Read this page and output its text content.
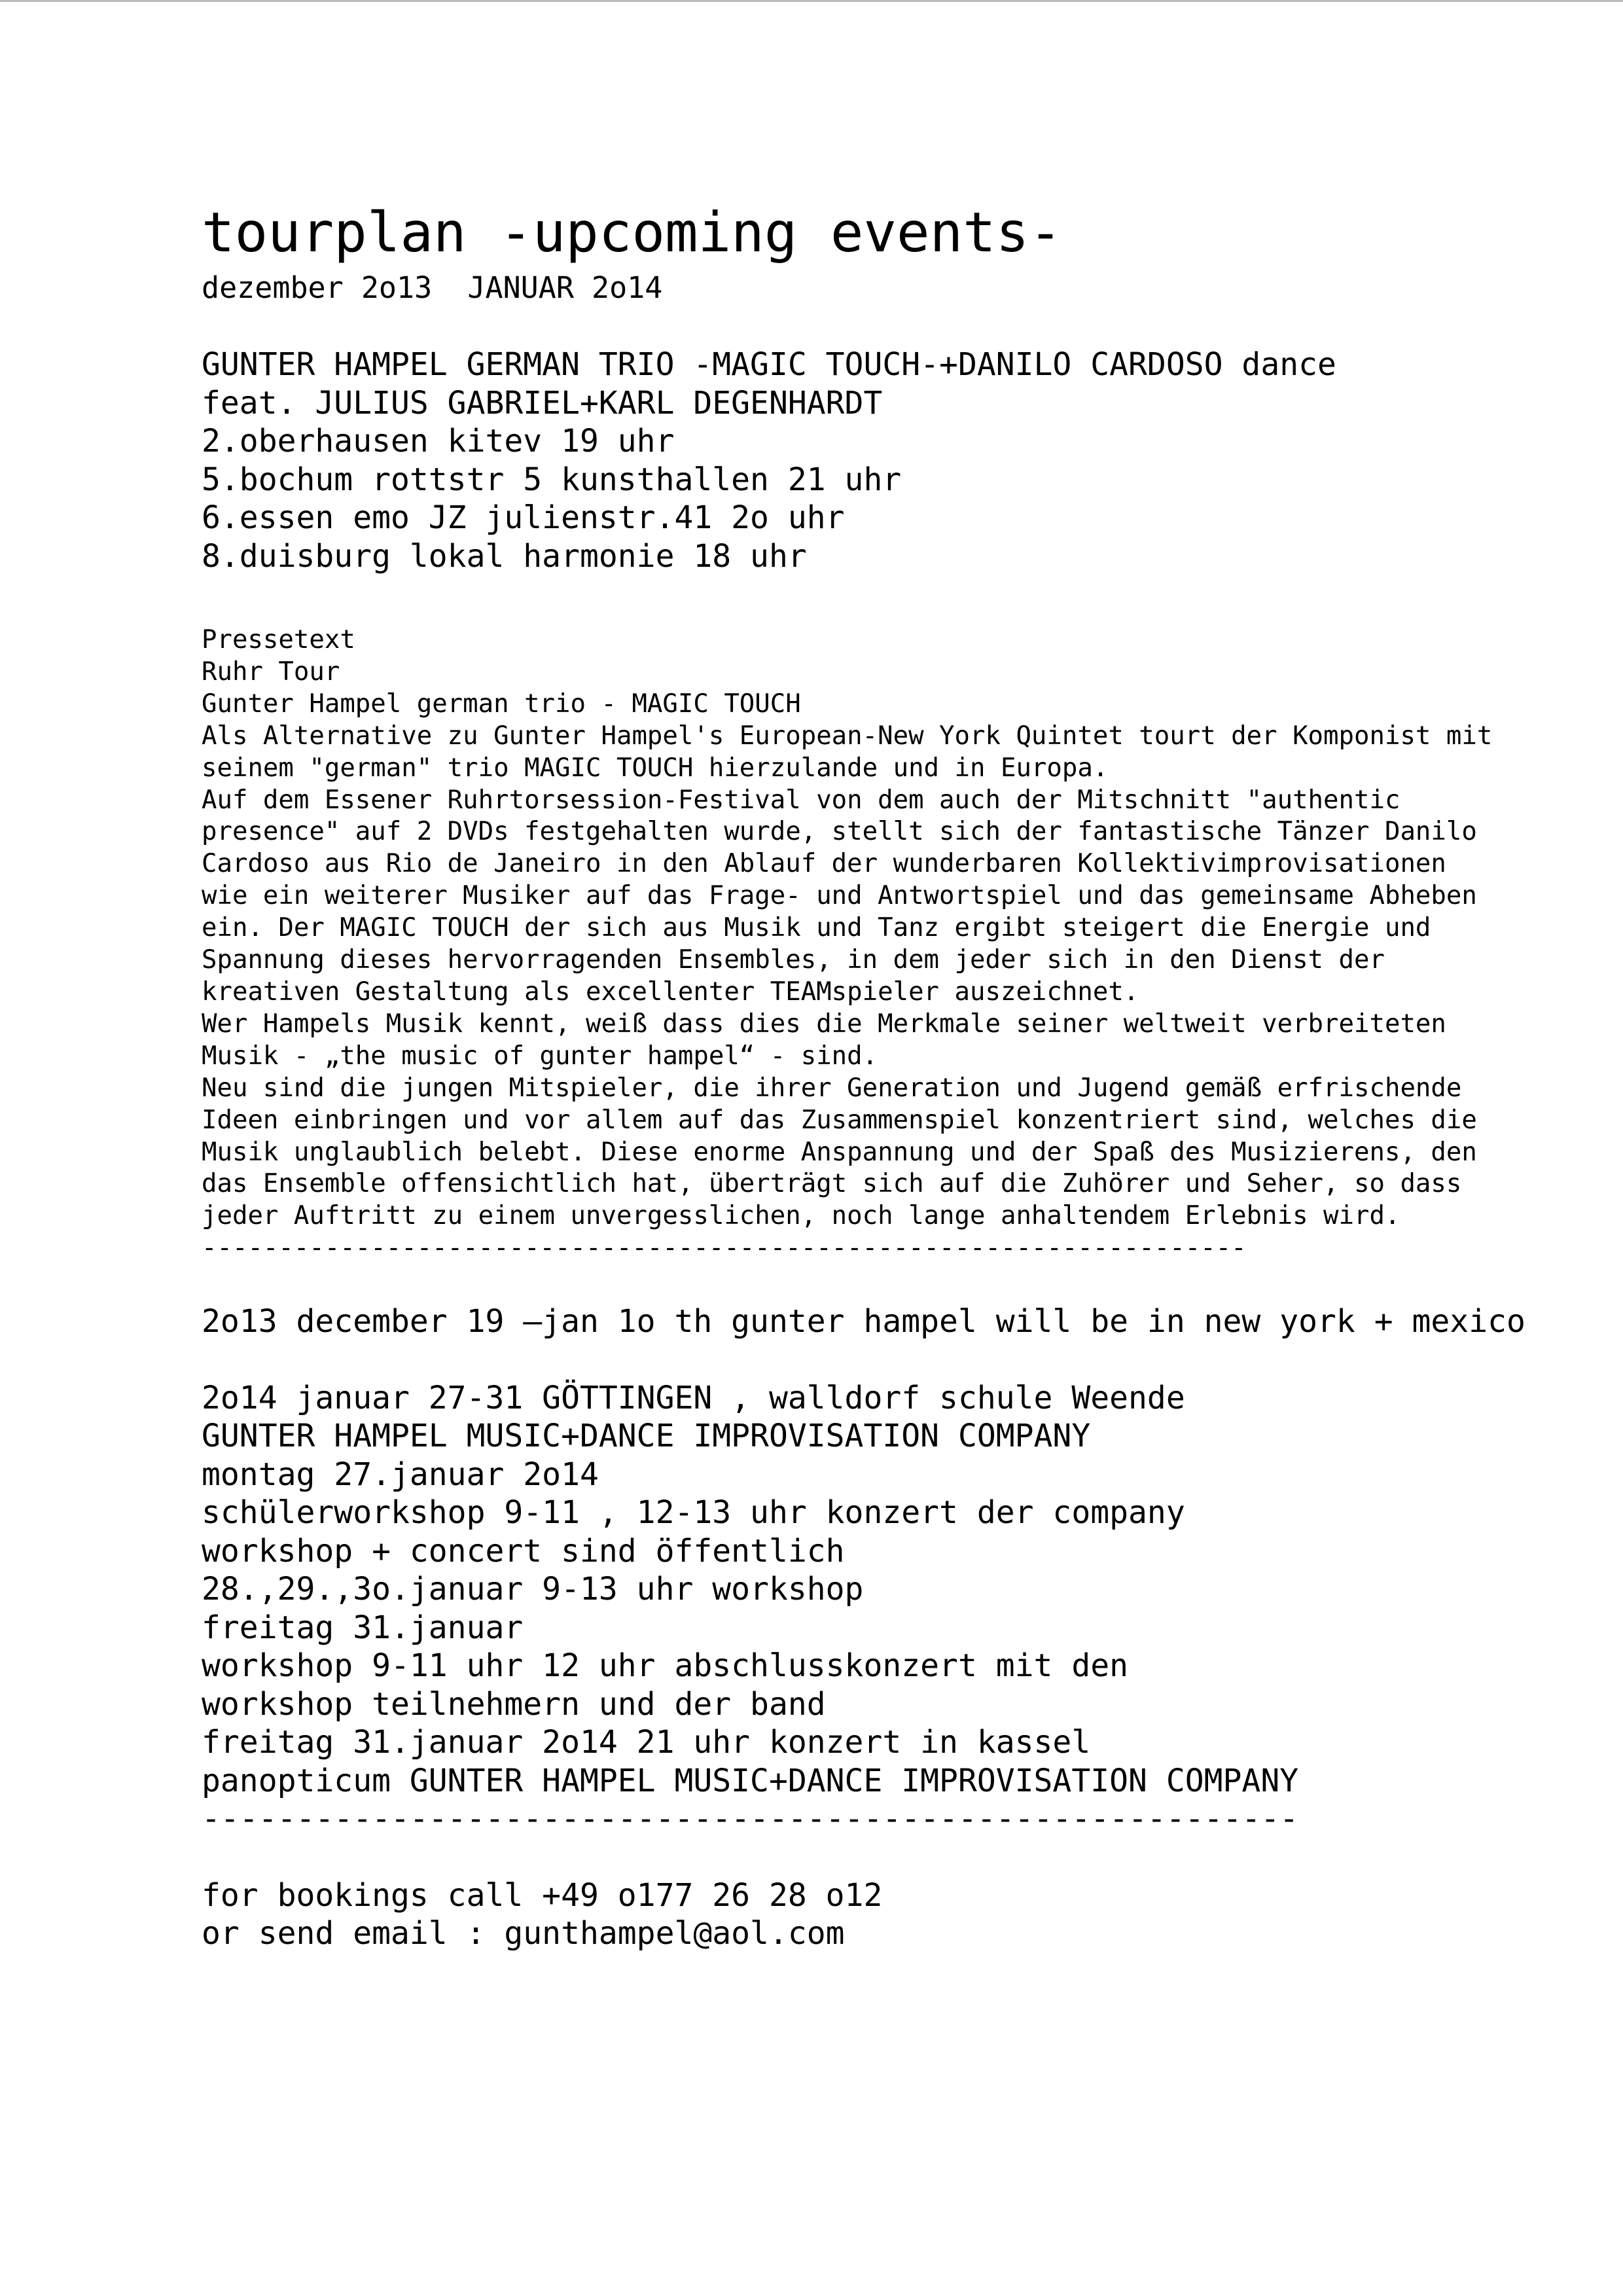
tourplan -upcoming events-
dezember 2o13  JANUAR 2o14
GUNTER HAMPEL GERMAN TRIO -MAGIC TOUCH-+DANILO CARDOSO dance
feat. JULIUS GABRIEL+KARL DEGENHARDT
2.oberhausen kitev 19 uhr
5.bochum rottstr 5 kunsthallen 21 uhr
6.essen emo JZ julienstr.41 2o uhr
8.duisburg lokal harmonie 18 uhr
Pressetext
Ruhr Tour
Gunter Hampel german trio - MAGIC TOUCH
Als Alternative zu Gunter Hampel's European-New York Quintet tourt der Komponist mit
seinem "german" trio MAGIC TOUCH hierzulande und in Europa.
Auf dem Essener Ruhrtorsession-Festival von dem auch der Mitschnitt "authentic
presence" auf 2 DVDs festgehalten wurde, stellt sich der fantastische Tänzer Danilo
Cardoso aus Rio de Janeiro in den Ablauf der wunderbaren Kollektivimprovisationen
wie ein weiterer Musiker auf das Frage- und Antwortspiel und das gemeinsame Abheben
ein. Der MAGIC TOUCH der sich aus Musik und Tanz ergibt steigert die Energie und
Spannung dieses hervorragenden Ensembles, in dem jeder sich in den Dienst der
kreativen Gestaltung als excellenter TEAMspieler auszeichnet.
Wer Hampels Musik kennt, weiß dass dies die Merkmale seiner weltweit verbreiteten
Musik - „the music of gunter hampel“ - sind.
Neu sind die jungen Mitspieler, die ihrer Generation und Jugend gemäß erfrischende
Ideen einbringen und vor allem auf das Zusammenspiel konzentriert sind, welches die
Musik unglaublich belebt. Diese enorme Anspannung und der Spaß des Musizierens, den
das Ensemble offensichtlich hat, überträgt sich auf die Zuhörer und Seher, so dass
jeder Auftritt zu einem unvergesslichen, noch lange anhaltendem Erlebnis wird.
--------------------------------------------------------------------
2o13 december 19 –jan 1o th gunter hampel will be in new york + mexico
2o14 januar 27-31 GÖTTINGEN , walldorf schule Weende
GUNTER HAMPEL MUSIC+DANCE IMPROVISATION COMPANY
montag 27.januar 2o14
schülerworkshop 9-11 , 12-13 uhr konzert der company
workshop + concert sind öffentlich
28.,29.,3o.januar 9-13 uhr workshop
freitag 31.januar
workshop 9-11 uhr 12 uhr abschlusskonzert mit den
workshop teilnehmern und der band
freitag 31.januar 2o14 21 uhr konzert in kassel
panopticum GUNTER HAMPEL MUSIC+DANCE IMPROVISATION COMPANY
----------------------------------------------------------
for bookings call +49 o177 26 28 o12
or send email : gunthampel@aol.com
